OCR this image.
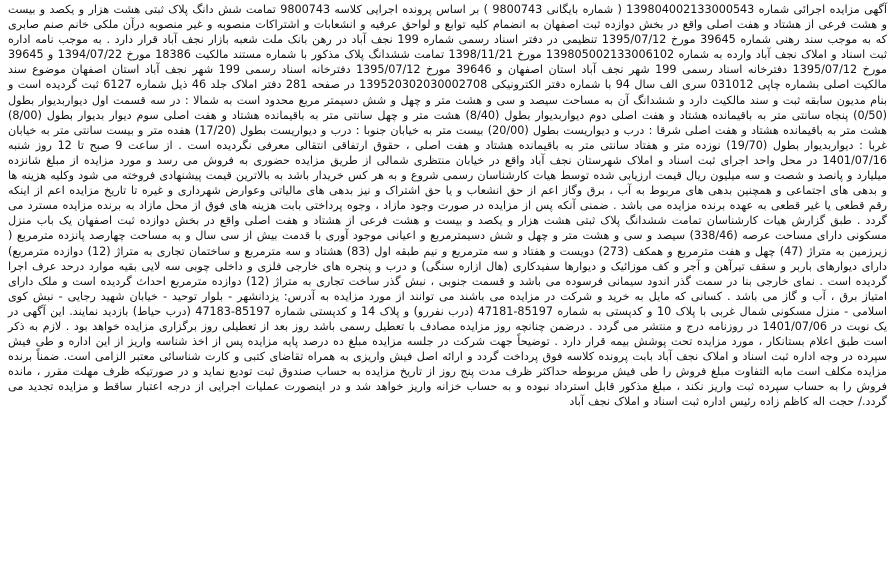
آگهی مزایده اجرائی شماره 139804002133000543 ( شماره بایگانی 9800743 ) بر اساس پرونده اجرایی کلاسه 9800743 تمامت شش دانگ پلاک ثبتی هشت هزار و یکصد و بیست و هشت فرعی از هشتاد و هفت اصلی واقع در بخش دوازده ثبت اصفهان به انضمام کلیه توابع و لواحق عرفیه و انشعابات و اشتراکات منصوبه و غیر منصوبه درآن ملکی خانم صنم صابری که به موجب سند رهنی شماره 39645 مورخ 1395/07/12 تنظیمی در دفتر اسناد رسمی شماره 199 نجف آباد در رهن بانک ملت شعبه بازار نجف آباد قرار دارد . به موجب نامه اداره ثبت اسناد و املاک نجف آباد وارده به شماره 139805002133006102 مورخ 1398/11/21 تمامت ششدانگ پلاک مذکور با شماره مستند مالکیت 18386 مورخ 1394/07/22 و 39645 مورخ 1395/07/12 دفترخانه اسناد رسمی 199 شهر نجف آباد استان اصفهان و 39646 مورخ 1395/07/12 دفترخانه اسناد رسمی 199 شهر نجف آباد استان اصفهان موضوع سند مالکیت اصلی بشماره چاپی 031012 سری الف سال 94 با شماره دفتر الکترونیکی 139520302030002708 در صفحه 281 دفتر املاک جلد 46 ذیل شماره 6127 ثبت گردیده است و بنام مدیون سابقه ثبت و سند مالکیت دارد و ششدانگ آن به مساحت سیصد و سی و هشت متر و چهل و شش دسیمتر مربع محدود است به شمالا : در سه قسمت اول دیواربدیوار بطول (0/50) پنجاه سانتی متر به باقیمانده هشتاد و هفت اصلی دوم دیواربدیوار بطول (8/40) هشت متر و چهل سانتی متر به باقیمانده هشتاد و هفت اصلی سوم دیوار بدیوار بطول (8/00) هشت متر به باقیمانده هشتاد و هفت اصلی شرقا : درب و دیواریست بطول (20/00) بیست متر به خیابان جنوبا : درب و دیواریست بطول (17/20) هفده متر و بیست سانتی متر به خیابان غربا : دیواربدیوار بطول (19/70) نوزده متر و هفتاد سانتی متر به باقیمانده هشتاد و هفت اصلی ، حقوق ارتفاقی انتقالی معرفی نگردیده است . از ساعت 9 صبح تا 12 روز شنبه 1401/07/16 در محل واحد اجرای ثبت اسناد و املاک شهرستان نجف آباد واقع در خیابان منتظری شمالی از طریق مزایده حضوری به فروش می رسد و مورد مزایده از مبلغ شانزده میلیارد و پانصد و شصت و سه میلیون ریال قیمت ارزیابی شده توسط هیات کارشناسان رسمی شروع و به هر کس خریدار باشد به بالاترین قیمت پیشنهادی فروخته می شود وکلیه هزینه ها و بدهی های اجتماعی و همچنین بدهی های مربوط به آب ، برق وگاز اعم از حق انشعاب و یا حق اشتراک و نیز بدهی های مالیاتی وعوارض شهرداری و غیره تا تاریخ مزایده اعم از اینکه رقم قطعی یا غیر قطعی به عهده برنده مزایده می باشد . ضمنی آنکه پس از مزایده در صورت وجود مازاد ، وجوه پرداختی بابت هزینه های فوق از محل مازاد به برنده مزایده مسترد می گردد . طبق گزارش هیات کارشناسان تمامت ششدانگ پلاک ثبتی هشت هزار و یکصد و بیست و هشت فرعی از هشتاد و هفت اصلی واقع در بخش دوازده ثبت اصفهان یک باب منزل مسکونی دارای مساحت عرصه (338/46) سیصد و سی و هشت متر و چهل و شش دسیمترمربع و اعیانی موجود آوری با قدمت بیش از سی سال و به مساحت چهارصد پانزده مترمربع ( زیرزمین به متراژ (47) چهل و هفت مترمربع و همکف (273) دویست و هفتاد و سه مترمربع و نیم طبقه اول (83) هشتاد و سه مترمربع و ساختمان تجاری به متراژ (12) دوازده مترمربع) دارای دیوارهای باربر و سقف تیرآهن و آجر و کف موزائیک و دیوارها سفیدکاری (هال ازاره سنگی) و درب و پنجره های خارجی فلزی و داخلی چوبی سه لایی بقیه موارد درحد عرف اجرا گردیده است . نمای خارجی بنا در سمت گذر اندود سیمانی فرسوده می باشد و قسمت جنوبی ، نبش گذر ساخت تجاری به متراژ (12) دوازده مترمربع احداث گردیده است و ملک دارای امتیاز برق ، آب و گاز می باشد . کسانی که مایل به خرید و شرکت در مزایده می باشند می توانند از مورد مزایده به آدرس: یزدانشهر - بلوار توحید - خیابان شهید رجایی - نبش کوی اسلامی - منزل مسکونی شمال غربی با پلاک 10 و کدپستی به شماره 85197-47181 (درب نفررو) و پلاک 14 و کدپستی شماره 85197-47183 (درب حیاط) بازدید نمایند. این آگهی در یک نوبت در 1401/07/06 در روزنامه درج و منتشر می گردد . درضمن چنانچه روز مزایده مصادف با تعطیل رسمی باشد روز بعد از تعطیلی روز برگزاری مزایده خواهد بود . لازم به ذکر است طبق اعلام بستانکار ، مورد مزایده تحت پوشش بیمه قرار دارد . توضیحاً جهت شرکت در جلسه مزایده مبلغ ده درصد پایه مزایده پس از اخذ شناسه واریز از این اداره و طی فیش سپرده در وجه اداره ثبت اسناد و املاک نجف آباد بابت پرونده کلاسه فوق پرداخت گردد و ارائه اصل فیش واریزی به همراه تقاضای کتبی و کارت شناسائی معتبر الزامی است. ضمناً برنده مزایده مکلف است مابه التفاوت مبلغ فروش را طی فیش مربوطه حداکثر ظرف مدت پنج روز از تاریخ مزایده به حساب صندوق ثبت تودیع نماید و در صورتیکه ظرف مهلت مقرر ، مانده فروش را به حساب سپرده ثبت واریز نکند ، مبلغ مذکور قابل استرداد نبوده و به حساب خزانه واریز خواهد شد و در اینصورت عملیات اجرایی از درجه اعتبار ساقط و مزایده تجدید می گردد./ حجت اله کاظم زاده رئیس اداره ثبت اسناد و املاک نجف آباد
